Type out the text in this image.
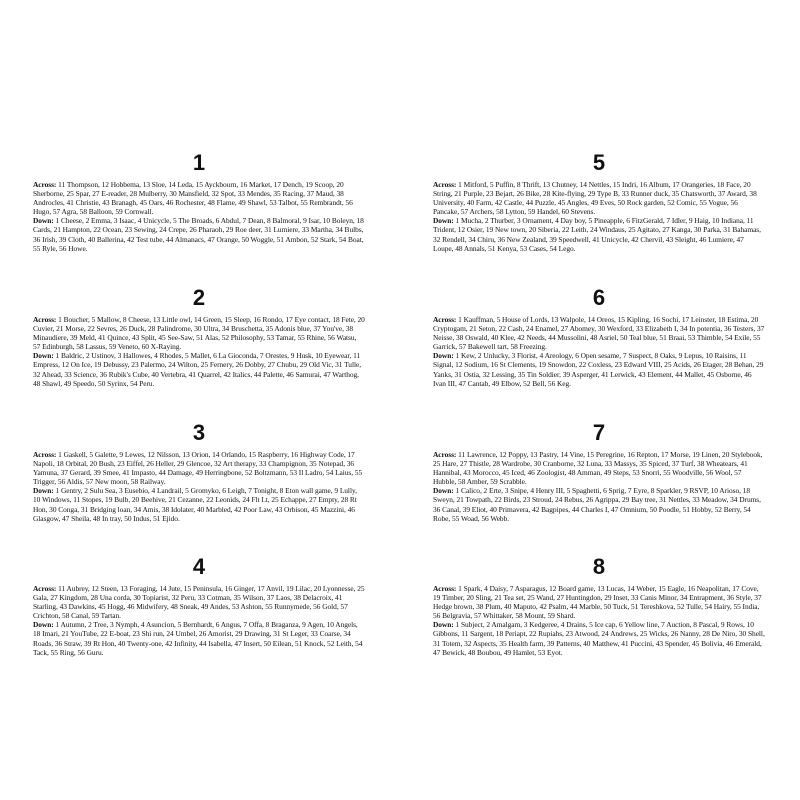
1

Across: 11 Thompson, 12 Hobbema, 13 Sloe, 14 Leda, 15 Ayckbourn, 16 Market, 17 Dench, 19 Scoop, 20 Sherborne, 25 Spar, 27 E-reader, 28 Mulberry, 30 Mansfield, 32 Spot, 33 Mendes, 35 Racing, 37 Maud, 38 Androcles, 41 Christie, 43 Branagh, 45 Oars, 46 Rochester, 48 Flame, 49 Shawl, 53 Talbot, 55 Rembrandt, 56 Hugo, 57 Agra, 58 Balloon, 59 Cornwall.

Down: 1 Cheese, 2 Emma, 3 Isaac, 4 Unicycle, 5 The Broads, 6 Abdul, 7 Dean, 8 Balmoral, 9 Isar, 10 Boleyn, 18 Cards, 21 Hampton, 22 Ocean, 23 Sewing, 24 Crepe, 26 Pharaoh, 29 Roe deer, 31 Lumiere, 33 Martha, 34 Bulbs, 36 Irish, 39 Cloth, 40 Ballerina, 42 Test tube, 44 Almanacs, 47 Orange, 50 Woggle, 51 Ambon, 52 Stark, 54 Boat, 55 Ryle, 56 Howe.

2

Across: 1 Boucher, 5 Mallow, 8 Cheese, 13 Little owl, 14 Green, 15 Sleep, 16 Rondo, 17 Eye contact, 18 Fete, 20 Cuvier, 21 Morse, 22 Sevres, 26 Duck, 28 Palindrome, 30 Ultra, 34 Bruschetta, 35 Adonis blue, 37 You've, 38 Minaudiere, 39 Meld, 41 Quince, 43 Split, 45 See-Saw, 51 Alas, 52 Philosophy, 53 Tamar, 55 Rhine, 56 Watsu, 57 Edinburgh, 58 Lassus, 59 Veneto, 60 X-Raying.

Down: 1 Baldric, 2 Ustinov, 3 Hallowes, 4 Rhodes, 5 Mallet, 6 La Gioconda, 7 Orestes, 9 Husk, 10 Eyewear, 11 Empress, 12 On Ice, 19 Debussy, 23 Palermo, 24 Wilton, 25 Fernery, 26 Dobby, 27 Chubu, 29 Old Vic, 31 Tulle, 32 Ahead, 33 Science, 36 Rubik's Cube, 40 Vertebra, 41 Quarrel, 42 Italics, 44 Palette, 46 Samurai, 47 Warthog, 48 Shawl, 49 Speedo, 50 Syrinx, 54 Peru.

3

Across: 1 Gaskell, 5 Galette, 9 Lewes, 12 Nilsson, 13 Orion, 14 Orlando, 15 Raspberry, 16 Highway Code, 17 Napoli, 18 Orbital, 20 Bush, 23 Eiffel, 26 Heller, 29 Glencoe, 32 Art therapy, 33 Champignon, 35 Notepad, 36 Yamuna, 37 Gerard, 39 Smee, 41 Impasto, 44 Damage, 49 Herringbone, 52 Boltzmann, 53 Il Ladro, 54 Laius, 55 Trigger, 56 Aldis, 57 New moon, 58 Railway.

Down: 1 Gentry, 2 Sulu Sea, 3 Eusebio, 4 Landrail, 5 Gromyko, 6 Leigh, 7 Tonight, 8 Eton wall game, 9 Lully, 10 Windows, 11 Stopes, 19 Bulb, 20 Beehive, 21 Cezanne, 22 Leonids, 24 Flt Lt, 25 Echappe, 27 Empty, 28 Rt Hon, 30 Conga, 31 Bridging loan, 34 Amis, 38 Idolater, 40 Marbled, 42 Poor Law, 43 Orbison, 45 Mazzini, 46 Glasgow, 47 Sheila, 48 In tray, 50 Indus, 51 Ejido.

4

Across: 11 Aubrey, 12 Steen, 13 Foraging, 14 Jute, 15 Peninsula, 16 Ginger, 17 Anvil, 19 Lilac, 20 Lyonnesse, 25 Gala, 27 Kingdom, 28 Una corda, 30 Topiarist, 32 Peru, 33 Cotman, 35 Wilson, 37 Laos, 38 Delacroix, 41 Starling, 43 Dawkins, 45 Hogg, 46 Midwifery, 48 Sneak, 49 Andes, 53 Ashton, 55 Runnymede, 56 Gold, 57 Crichton, 58 Canal, 59 Tartan.

Down: 1 Autumn, 2 Tree, 3 Nymph, 4 Asuncion, 5 Bernhardt, 6 Angus, 7 Offa, 8 Braganza, 9 Agen, 10 Angels, 18 Imari, 21 YouTube, 22 E-boat, 23 Shi run, 24 Umbel, 26 Amorist, 29 Drawing, 31 St Leger, 33 Coarse, 34 Roads, 36 Straw, 39 Rt Hon, 40 Twenty-one, 42 Infinity, 44 Isabella, 47 Insert, 50 Eilean, 51 Knock, 52 Leith, 54 Tack, 55 Ring, 56 Guru.

5

Across: 1 Mitford, 5 Puffin, 8 Thrift, 13 Chutney, 14 Nettles, 15 Indri, 16 Album, 17 Orangeries, 18 Face, 20 String, 21 Purple, 23 Bejart, 26 Bike, 28 Kite-flying, 29 Type B, 33 Runner duck, 35 Chatsworth, 37 Award, 38 University, 40 Farm, 42 Castle, 44 Puzzle, 45 Angles, 49 Eves, 50 Rock garden, 52 Comic, 55 Vogue, 56 Pancake, 57 Archers, 58 Lytton, 59 Handel, 60 Stevens.

Down: 1 Mucha, 2 Thurber, 3 Ornament, 4 Day boy, 5 Pineapple, 6 FitzGerald, 7 Idler, 9 Haig, 10 Indiana, 11 Trident, 12 Osier, 19 New town, 20 Siberia, 22 Leith, 24 Windaus, 25 Agitato, 27 Kanga, 30 Parka, 31 Bahamas, 32 Rendell, 34 Chiru, 36 New Zealand, 39 Speedwell, 41 Unicycle, 42 Chervil, 43 Sleight, 46 Lumiere, 47 Loupe, 48 Annals, 51 Kenya, 53 Cases, 54 Lego.

6

Across: 1 Kauffman, 5 House of Lords, 13 Walpole, 14 Oreos, 15 Kipling, 16 Sochi, 17 Leinster, 18 Estima, 20 Cryptogam, 21 Seton, 22 Cash, 24 Enamel, 27 Abomey, 30 Wexford, 33 Elizabeth I, 34 In potentia, 36 Testers, 37 Neisse, 38 Oswald, 40 Klee, 42 Needs, 44 Mussolini, 48 Asriel, 50 Teal blue, 51 Braai, 53 Thimble, 54 Exile, 55 Garrick, 57 Bakewell tart, 58 Freezing.

Down: 1 Kew, 2 Unlucky, 3 Florist, 4 Areology, 6 Open sesame, 7 Suspect, 8 Oaks, 9 Lepus, 10 Raisins, 11 Signal, 12 Sodium, 16 St Clements, 19 Snowdon, 22 Coxless, 23 Edward VIII, 25 Acids, 26 Etager, 28 Behan, 29 Yanks, 31 Ostia, 32 Lessing, 35 Tin Soldier, 39 Asperger, 41 Lerwick, 43 Element, 44 Mallet, 45 Osborne, 46 Ivan III, 47 Cantab, 49 Elbow, 52 Bell, 56 Keg.

7

Across: 11 Lawrence, 12 Poppy, 13 Pastry, 14 Vine, 15 Peregrine, 16 Repton, 17 Morse, 19 Linen, 20 Stylebook, 25 Hare, 27 Thistle, 28 Wardrobe, 30 Cranborne, 32 Luna, 33 Massys, 35 Spiced, 37 Turf, 38 Wheatears, 41 Hannibal, 43 Morocco, 45 Iced, 46 Zoologist, 48 Amman, 49 Steps, 53 Snorri, 55 Woodville, 56 Wool, 57 Hubble, 58 Amber, 59 Scrabble.

Down: 1 Calico, 2 Erte, 3 Snipe, 4 Henry III, 5 Spaghetti, 6 Sprig, 7 Eyre, 8 Sparkler, 9 RSVP, 10 Arioso, 18 Sweyn, 21 Towpath, 22 Birds, 23 Stroud, 24 Rebus, 26 Agrippa, 29 Bay tree, 31 Nettles, 33 Meadow, 34 Drums, 36 Canal, 39 Eliot, 40 Primavera, 42 Bagpipes, 44 Charles I, 47 Omnium, 50 Poodle, 51 Hobby, 52 Berry, 54 Robe, 55 Woad, 56 Webb.

8

Across: 1 Spark, 4 Daisy, 7 Asparagus, 12 Board game, 13 Lucas, 14 Weber, 15 Eagle, 16 Neapolitan, 17 Cove, 19 Timber, 20 Sling, 21 Tea set, 25 Wand, 27 Huntingdon, 29 Inset, 33 Canis Minor, 34 Entrapment, 36 Style, 37 Hedge brown, 38 Plum, 40 Maputo, 42 Psalm, 44 Marble, 50 Tuck, 51 Tereshkova, 52 Tulle, 54 Hairy, 55 India, 56 Belgravia, 57 Whittaker, 58 Mount, 59 Shard.

Down: 1 Subject, 2 Amalgam, 3 Kedgeree, 4 Drains, 5 Ice cap, 6 Yellow line, 7 Auction, 8 Pascal, 9 Rows, 10 Gibbons, 11 Sargent, 18 Periapt, 22 Rupiahs, 23 Atwood, 24 Andrews, 25 Wicks, 26 Nanny, 28 De Niro, 30 Shell, 31 Totem, 32 Aspects, 35 Health farm, 39 Patterns, 40 Matthew, 41 Puccini, 43 Spender, 45 Bolivia, 46 Emerald, 47 Bewick, 48 Boubou, 49 Hamlet, 53 Eyot.
